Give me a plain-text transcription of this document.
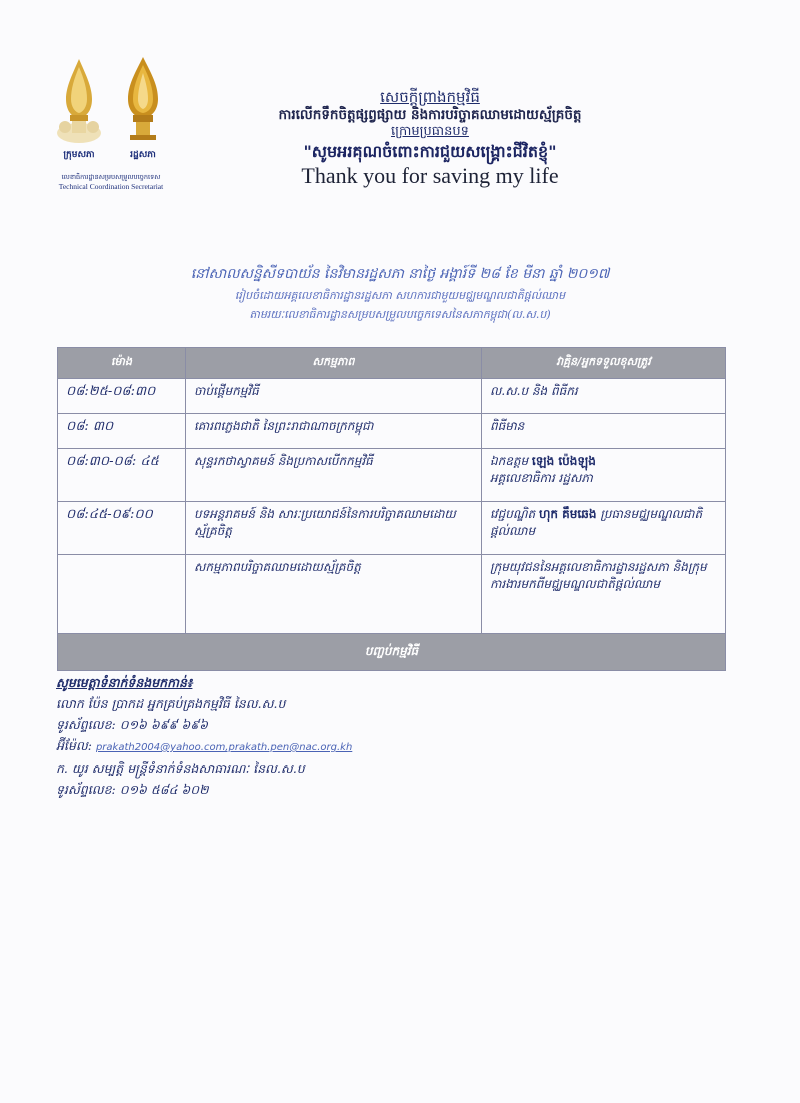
ក្រុមសភា	រដ្ឋសភា
លេខាធិការដ្ឋានសម្របសម្រួលបច្ចេកទេស
Technical Coordination Secretariat

សេចក្តីព្រាងកម្មវិធី

ការលើកទឹកចិត្តផ្សព្វផ្សាយ និងការបរិច្ចាគឈាមដោយស្ម័គ្រចិត្ត

ក្រោមប្រធានបទ

"សូមអរគុណចំពោះការជួយសង្គ្រោះជីវិតខ្ញុំ"

Thank you for saving my life

នៅសាលសន្និសីទបាយ័ន នៃវិមានរដ្ឋសភា នាថ្ងៃ អង្គារ៍ទី ២៨ ខែ មីនា ឆ្នាំ ២០១៧

រៀបចំដោយអគ្គលេខាធិការដ្ឋានរដ្ឋសភា សហការជាមួយមជ្ឈមណ្ឌលជាតិផ្តល់ឈាម

តាមរយៈលេខាធិការដ្ឋានសម្របសម្រួលបច្ចេកទេសនៃសភាកម្ពុជា(ល.ស.ប)

ម៉ោង	សកម្មភាព	វាគ្មិន/អ្នកទទួលខុសត្រូវ
០៨:២៥-០៨:៣០	ចាប់ផ្តើមកម្មវិធី	ល.ស.ប និង ពិធីករ
០៨: ៣០	គោរពភ្លេងជាតិ នៃព្រះរាជាណាចក្រកម្ពុជា	ពិធីមាន
០៨:៣០-០៨: ៤៥	សុន្ទរកថាស្វាគមន៍ និងប្រកាសបើកកម្មវិធី	ឯកឧត្តម ឡេង ប៉េងឡុង
អគ្គលេខាធិការ រដ្ឋសភា

០៨:៤៥-០៩:០០	បទអន្តរាគមន៍ និង សារៈប្រយោជន៍នៃការបរិច្ចាគឈាមដោយស្ម័គ្រចិត្ត	វេជ្ជបណ្ឌិត ហុក គឹមឆេង ប្រធានមជ្ឈមណ្ឌលជាតិផ្តល់ឈាម
	សកម្មភាពបរិច្ចាគឈាមដោយស្ម័គ្រចិត្ត	ក្រុមយុវជននៃអគ្គលេខាធិការដ្ឋានរដ្ឋសភា និងក្រុមការងារមកពីមជ្ឈមណ្ឌលជាតិផ្តល់ឈាម
បញ្ចប់កម្មវិធី		

សូមមេត្តាទំនាក់ទំនងមកកាន់៖

លោក ប៉ែន ប្រាកដ អ្នកគ្រប់គ្រងកម្មវិធី នៃល.ស.ប

ទូរស័ព្ទលេខ: ០១៦ ៦៩៩ ៦៩៦

អ៊ីម៉ែល: prakath2004@yahoo.com,prakath.pen@nac.org.kh

ក. យូរ សម្បត្តិ មន្ត្រីទំនាក់ទំនងសាធារណៈ នៃល.ស.ប

ទូរស័ព្ទលេខ: ០១៦ ៥៨៤ ៦០២
